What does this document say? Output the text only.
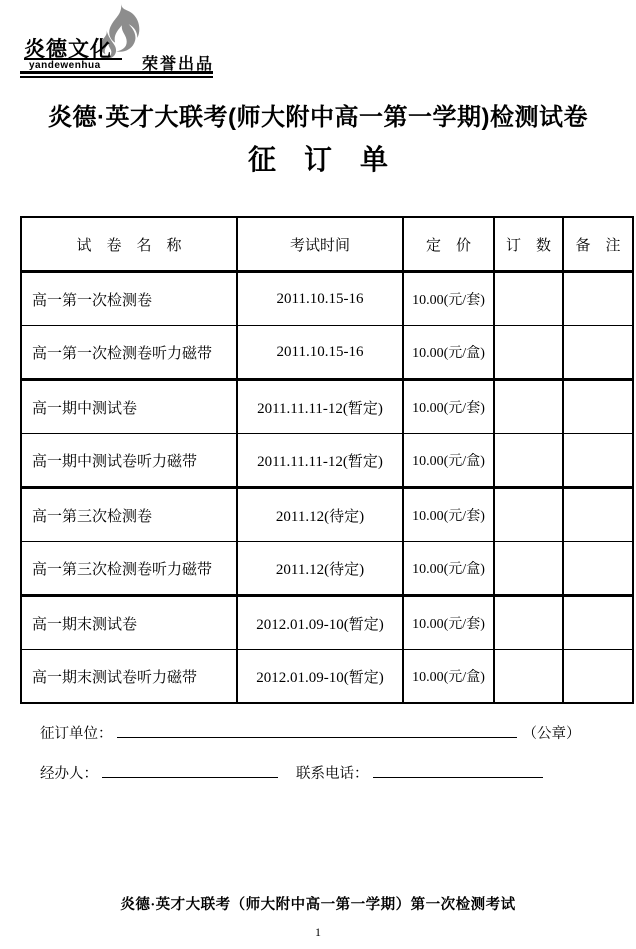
炎德文化
yandewenhua	荣誉出品
炎德·英才大联考(师大附中高一第一学期)检测试卷
征　订　单
试　卷　名　称	考试时间	定　价	订　数	备　注
高一第一次检测卷	2011.10.15-16	10.00(元/套)		
高一第一次检测卷听力磁带	2011.10.15-16	10.00(元/盒)		
高一期中测试卷	2011.11.11-12(暂定)	10.00(元/套)		
高一期中测试卷听力磁带	2011.11.11-12(暂定)	10.00(元/盒)		
高一第三次检测卷	2011.12(待定)	10.00(元/套)		
高一第三次检测卷听力磁带	2011.12(待定)	10.00(元/盒)		
高一期末测试卷	2012.01.09-10(暂定)	10.00(元/套)		
高一期末测试卷听力磁带	2012.01.09-10(暂定)	10.00(元/盒)		
征订单位：	（公章）
经办人：	联系电话：
炎德·英才大联考（师大附中高一第一学期）第一次检测考试
1
